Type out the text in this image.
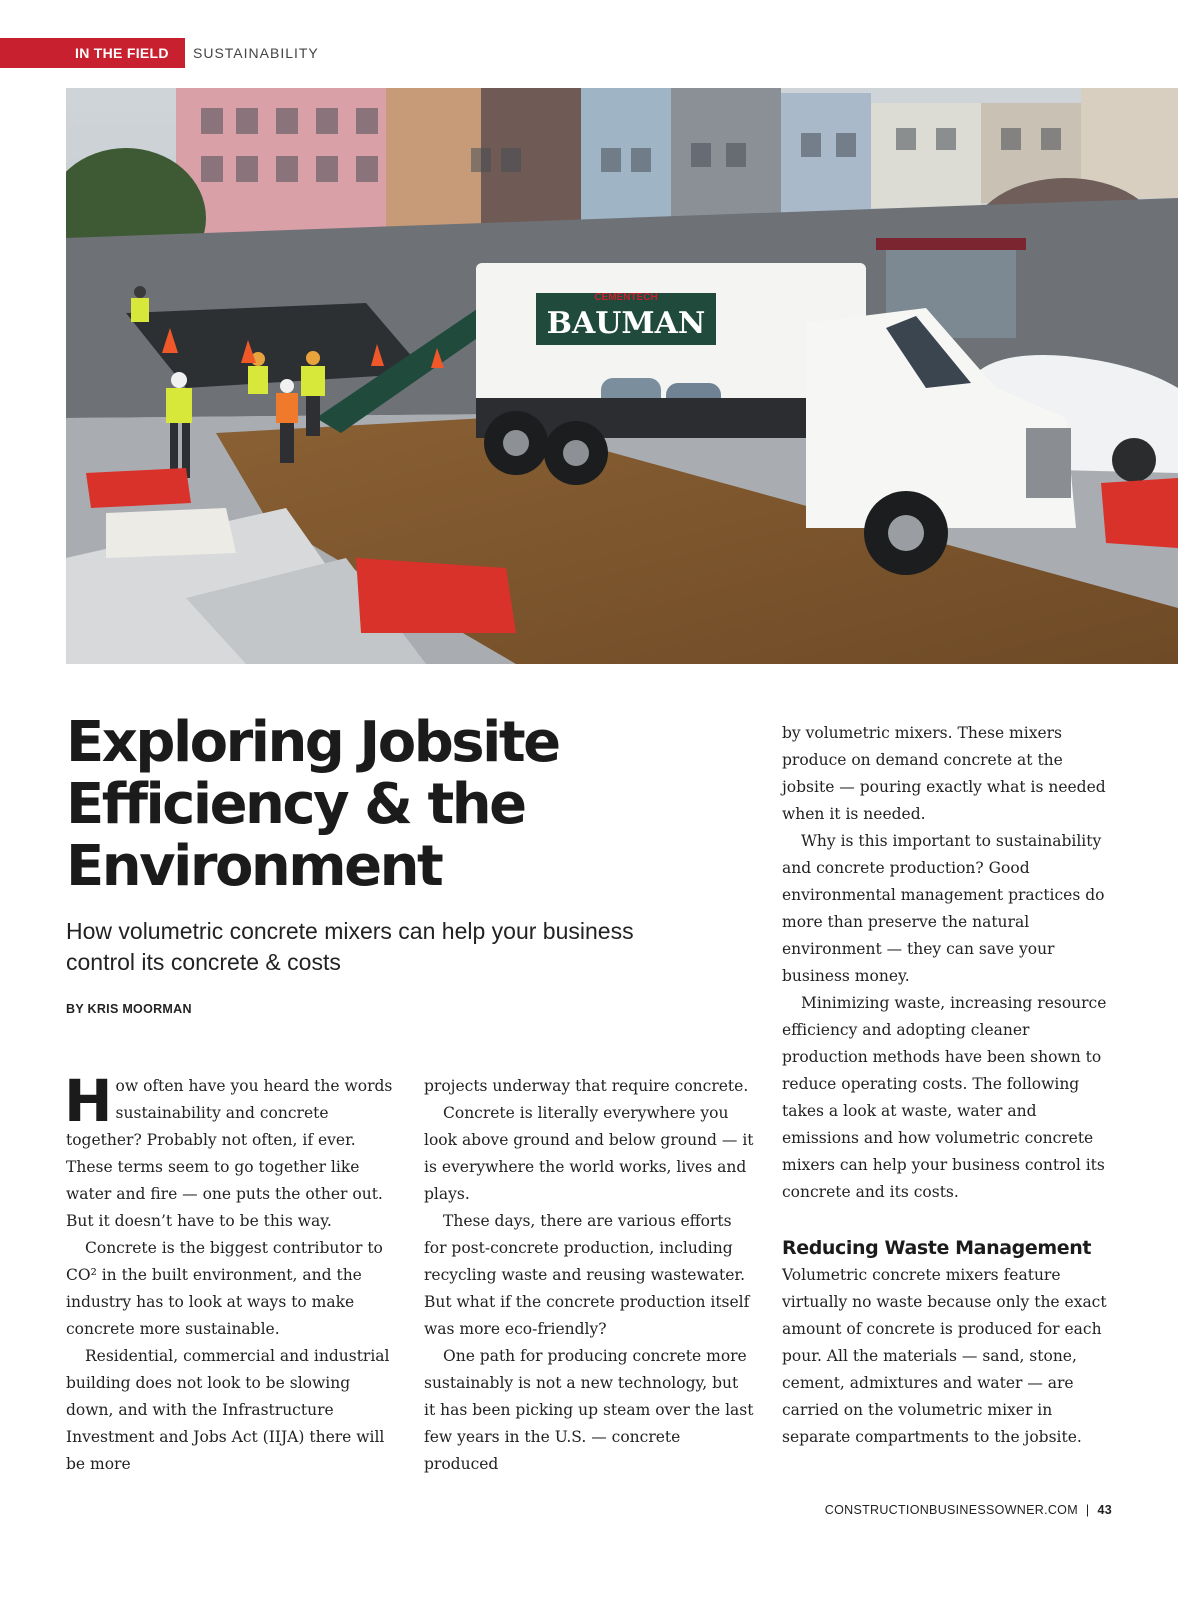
IN THE FIELD SUSTAINABILITY
BAUMAN
CEMENTECH
Exploring Jobsite
Efficiency & the
Environment

How volumetric concrete mixers can help your business
control its concrete & costs

BY KRIS MOORMAN

How often have you heard the words sustainability and concrete together? Probably not often, if ever. These terms seem to go together like water and fire — one puts the other out. But it doesn’t have to be this way.

Concrete is the biggest contributor to CO² in the built environment, and the industry has to look at ways to make concrete more sustainable.

Residential, commercial and industrial building does not look to be slowing down, and with the Infrastructure Investment and Jobs Act (IIJA) there will be more

projects underway that require concrete.

Concrete is literally everywhere you look above ground and below ground — it is everywhere the world works, lives and plays.

These days, there are various efforts for post-concrete production, including recycling waste and reusing wastewater. But what if the concrete production itself was more eco-friendly?

One path for producing concrete more sustainably is not a new technology, but it has been picking up steam over the last few years in the U.S. — concrete produced

by volumetric mixers. These mixers produce on demand concrete at the jobsite — pouring exactly what is needed when it is needed.

Why is this important to sustainability and concrete production? Good environmental management practices do more than preserve the natural environment — they can save your business money.

Minimizing waste, increasing resource efficiency and adopting cleaner production methods have been shown to reduce operating costs. The following takes a look at waste, water and emissions and how volumetric concrete mixers can help your business control its concrete and its costs.

Reducing Waste Management

Volumetric concrete mixers feature virtually no waste because only the exact amount of concrete is produced for each pour. All the materials — sand, stone, cement, admixtures and water — are carried on the volumetric mixer in separate compartments to the jobsite.

CONSTRUCTIONBUSINESSOWNER.COM | 43
